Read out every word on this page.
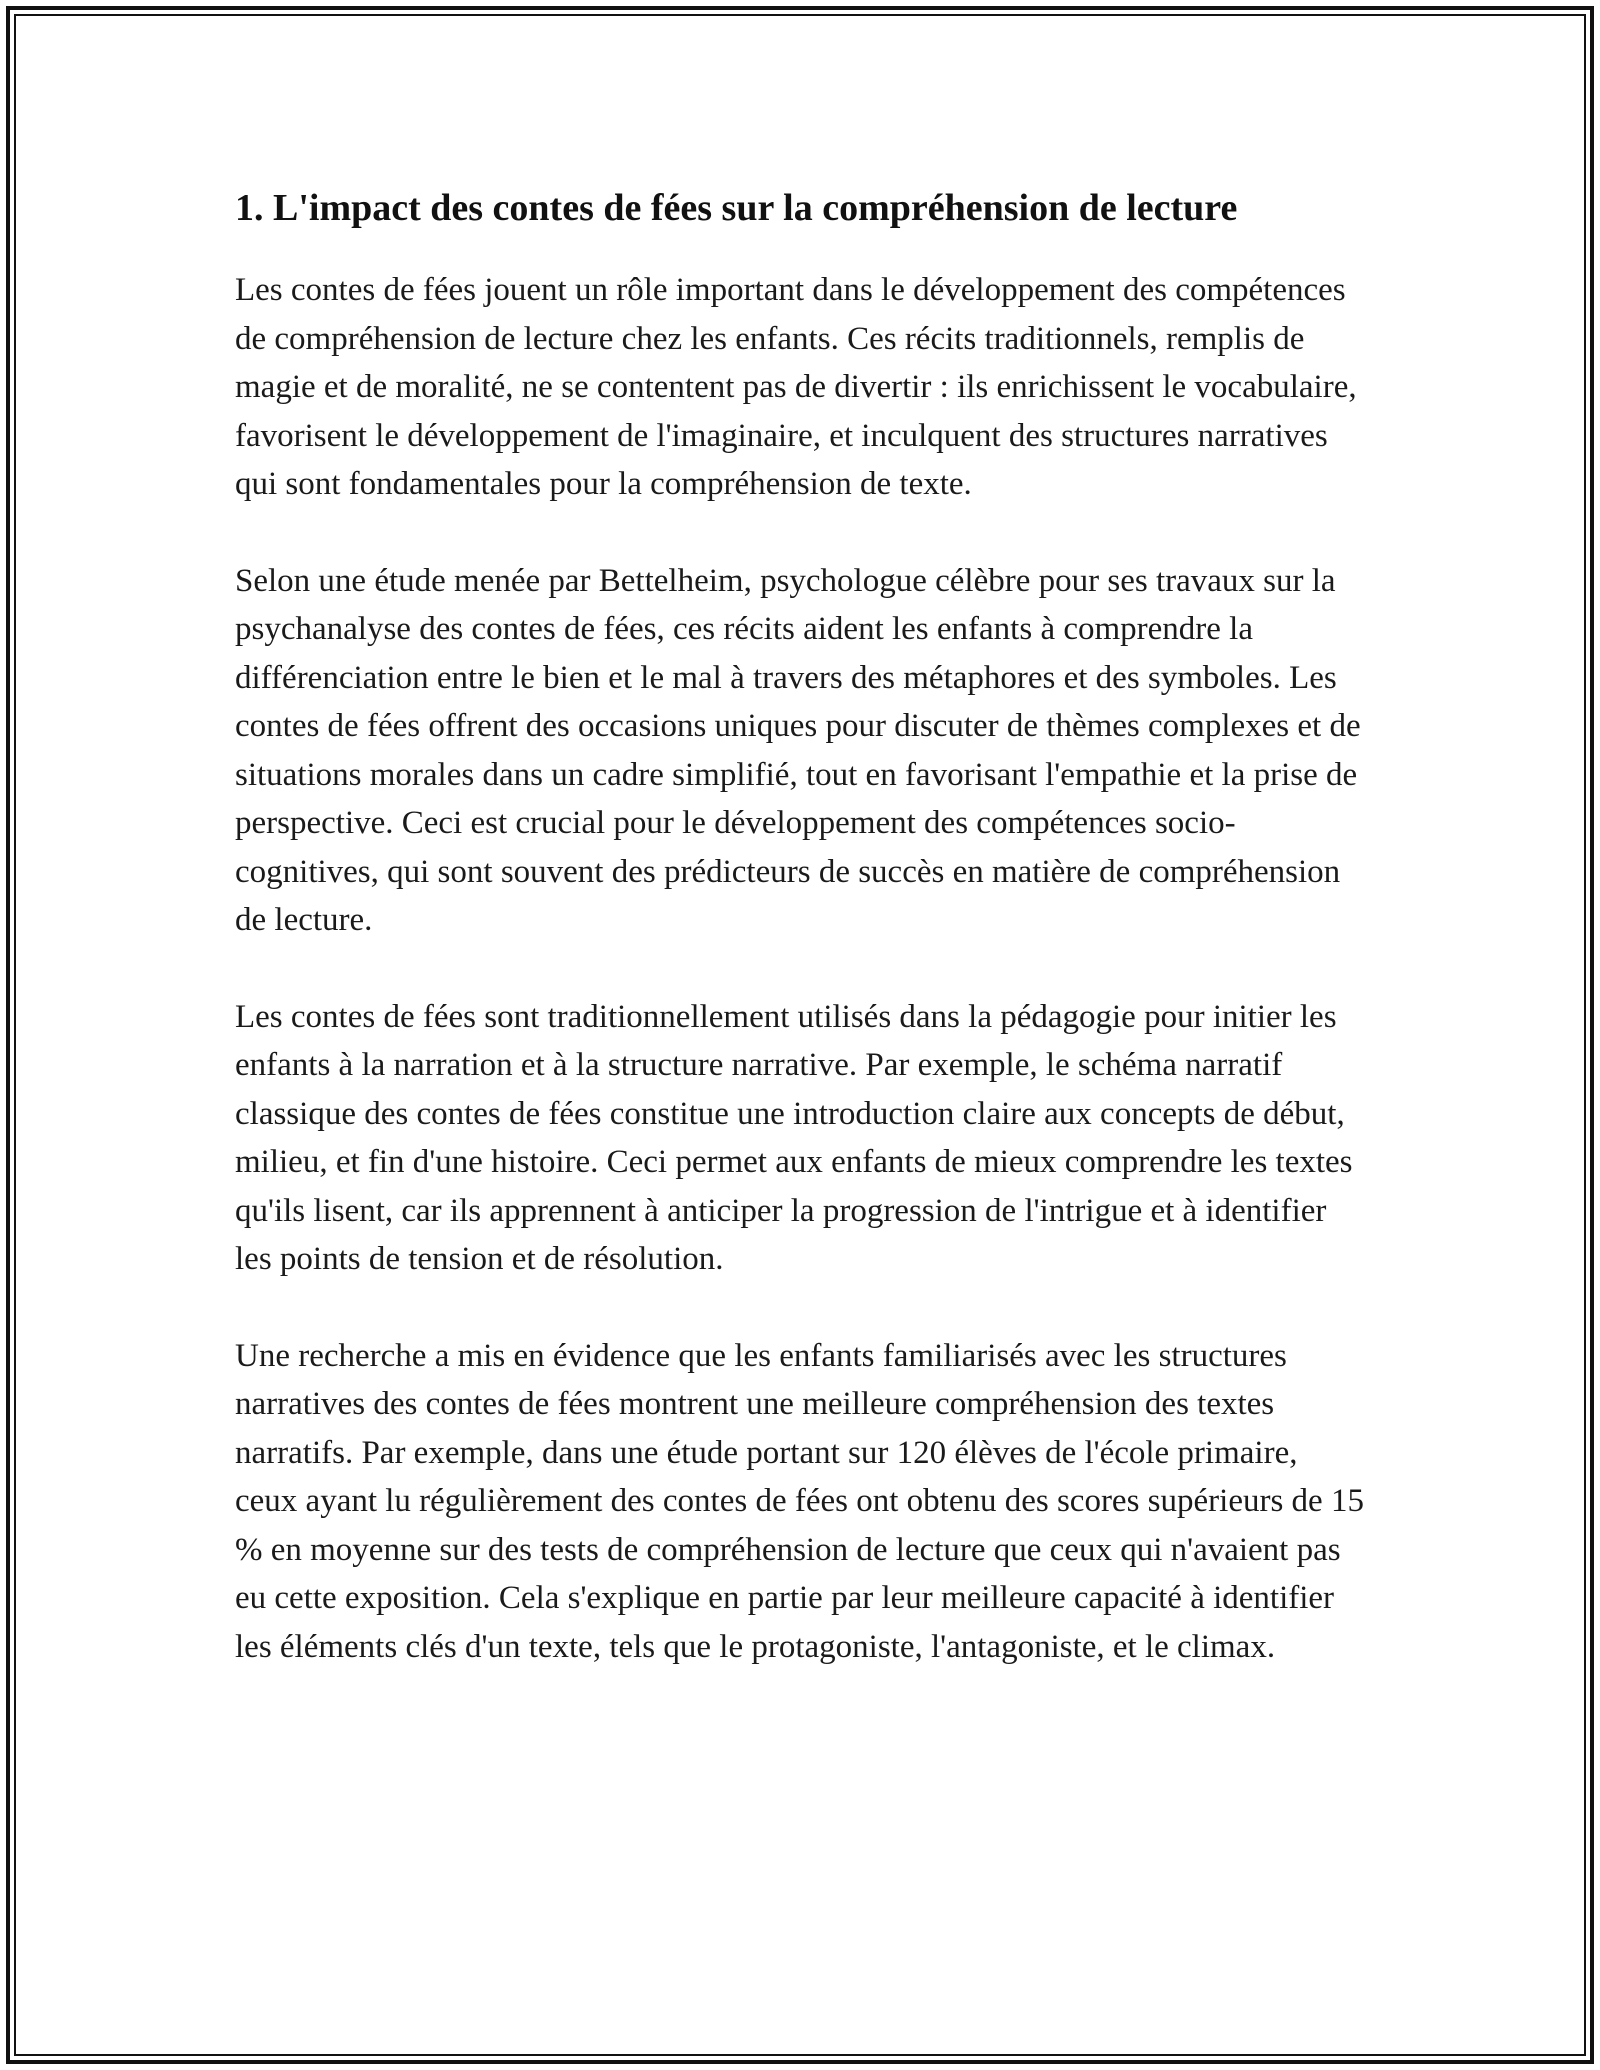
1. L'impact des contes de fées sur la compréhension de lecture

Les contes de fées jouent un rôle important dans le développement des compétences de compréhension de lecture chez les enfants. Ces récits traditionnels, remplis de magie et de moralité, ne se contentent pas de divertir : ils enrichissent le vocabulaire, favorisent le développement de l'imaginaire, et inculquent des structures narratives qui sont fondamentales pour la compréhension de texte.

Selon une étude menée par Bettelheim, psychologue célèbre pour ses travaux sur la psychanalyse des contes de fées, ces récits aident les enfants à comprendre la différenciation entre le bien et le mal à travers des métaphores et des symboles. Les contes de fées offrent des occasions uniques pour discuter de thèmes complexes et de situations morales dans un cadre simplifié, tout en favorisant l'empathie et la prise de perspective. Ceci est crucial pour le développement des compétences socio-cognitives, qui sont souvent des prédicteurs de succès en matière de compréhension de lecture.

Les contes de fées sont traditionnellement utilisés dans la pédagogie pour initier les enfants à la narration et à la structure narrative. Par exemple, le schéma narratif classique des contes de fées constitue une introduction claire aux concepts de début, milieu, et fin d'une histoire. Ceci permet aux enfants de mieux comprendre les textes qu'ils lisent, car ils apprennent à anticiper la progression de l'intrigue et à identifier les points de tension et de résolution.

Une recherche a mis en évidence que les enfants familiarisés avec les structures narratives des contes de fées montrent une meilleure compréhension des textes narratifs. Par exemple, dans une étude portant sur 120 élèves de l'école primaire, ceux ayant lu régulièrement des contes de fées ont obtenu des scores supérieurs de 15 % en moyenne sur des tests de compréhension de lecture que ceux qui n'avaient pas eu cette exposition. Cela s'explique en partie par leur meilleure capacité à identifier les éléments clés d'un texte, tels que le protagoniste, l'antagoniste, et le climax.
